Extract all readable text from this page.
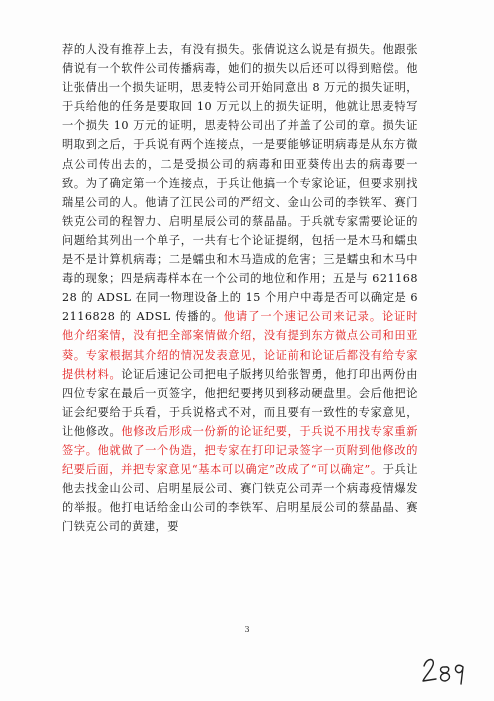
荐的人没有推荐上去，有没有损失。张倩说这么说是有损失。他跟张倩说有一个软件公司传播病毒，她们的损失以后还可以得到赔偿。他让张倩出一个损失证明，思麦特公司开始同意出 8 万元的损失证明，于兵给他的任务是要取回 10 万元以上的损失证明，他就让思麦特写一个损失 10 万元的证明，思麦特公司出了并盖了公司的章。损失证明取到之后，于兵说有两个连接点，一是要能够证明病毒是从东方微点公司传出去的，二是受损公司的病毒和田亚葵传出去的病毒要一致。为了确定第一个连接点，于兵让他搞一个专家论证，但要求别找瑞星公司的人。他请了江民公司的严绍文、金山公司的李铁军、赛门铁克公司的程智力、启明星辰公司的蔡晶晶。于兵就专家需要论证的问题给其列出一个单子，一共有七个论证提纲，包括一是木马和蠕虫是不是计算机病毒；二是蠕虫和木马造成的危害；三是蠕虫和木马中毒的现象；四是病毒样本在一个公司的地位和作用；五是与 62116828 的 ADSL 在同一物理设备上的 15 个用户中毒是否可以确定是 62116828 的 ADSL 传播的。他请了一个速记公司来记录。论证时他介绍案情，没有把全部案情做介绍，没有提到东方微点公司和田亚葵。专家根据其介绍的情况发表意见，论证前和论证后都没有给专家提供材料。论证后速记公司把电子版拷贝给张智勇，他打印出两份由四位专家在最后一页签字，他把纪要拷贝到移动硬盘里。会后他把论证会纪要给于兵看，于兵说格式不对，而且要有一致性的专家意见，让他修改。他修改后形成一份新的论证纪要，于兵说不用找专家重新签字。他就做了一个伪造，把专家在打印记录签字一页附到他修改的纪要后面，并把专家意见“基本可以确定”改成了“可以确定”。于兵让他去找金山公司、启明星辰公司、赛门铁克公司弄一个病毒疫情爆发的举报。他打电话给金山公司的李铁军、启明星辰公司的蔡晶晶、赛门铁克公司的黄建，要
3
